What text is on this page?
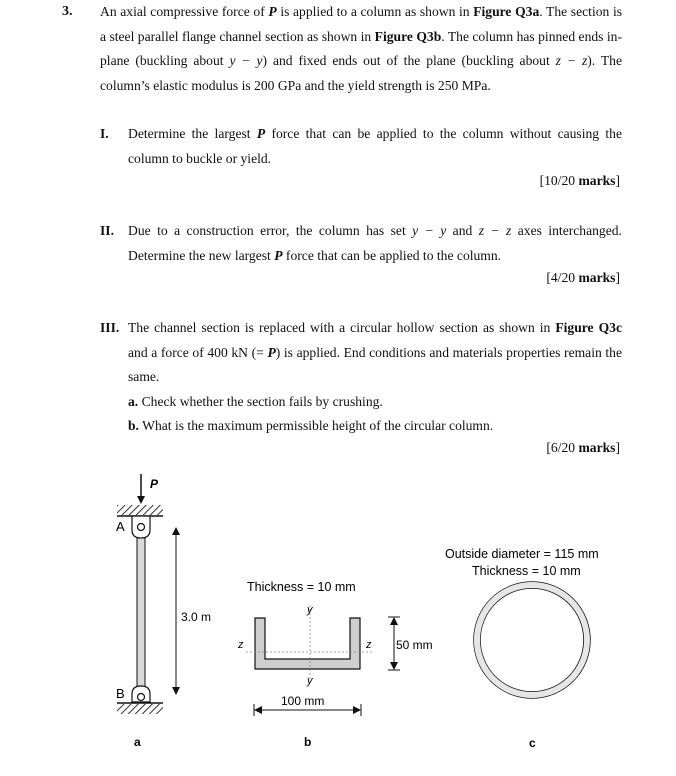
3. An axial compressive force of P is applied to a column as shown in Figure Q3a. The section is a steel parallel flange channel section as shown in Figure Q3b. The column has pinned ends in-plane (buckling about y − y) and fixed ends out of the plane (buckling about z − z). The column’s elastic modulus is 200 GPa and the yield strength is 250 MPa.

I. Determine the largest P force that can be applied to the column without causing the column to buckle or yield.
[10/20 marks]
II. Due to a construction error, the column has set y − y and z − z axes interchanged. Determine the new largest P force that can be applied to the column.
[4/20 marks]
III. The channel section is replaced with a circular hollow section as shown in Figure Q3c and a force of 400 kN (= P) is applied. End conditions and materials properties remain the same.
a. Check whether the section fails by crushing.
b. What is the maximum permissible height of the circular column.
[6/20 marks]
P
A
B
3.0 m
a
Thickness = 10 mm
y
y
z	z 50 mm
100 mm
b
Outside diameter = 115 mm
Thickness = 10 mm
c
